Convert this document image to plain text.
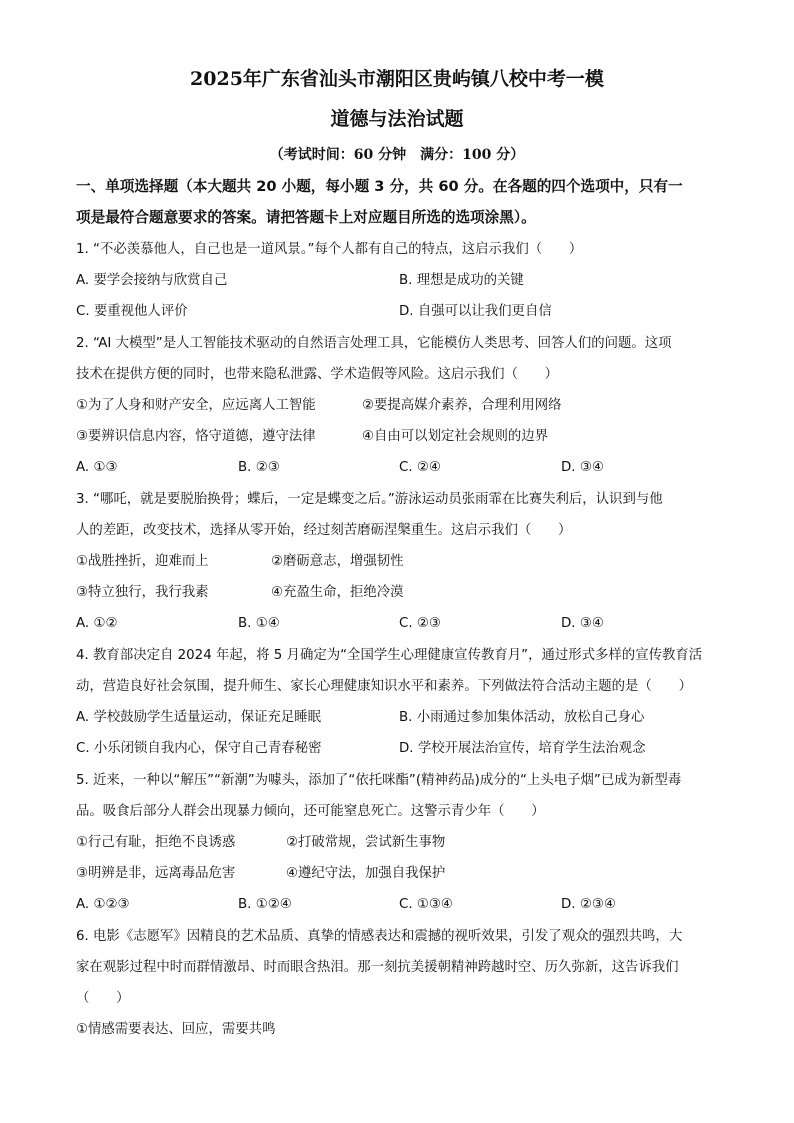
2025年广东省汕头市潮阳区贵屿镇八校中考一模
道德与法治试题
（考试时间：60 分钟　满分：100 分）
一、单项选择题（本大题共 20 小题，每小题 3 分，共 60 分。在各题的四个选项中，只有一
项是最符合题意要求的答案。请把答题卡上对应题目所选的选项涂黑）。
1. “不必羡慕他人，自己也是一道风景。”每个人都有自己的特点，这启示我们（　　）
A. 要学会接纳与欣赏自己	B. 理想是成功的关键
C. 要重视他人评价	D. 自强可以让我们更自信
2. “AI 大模型”是人工智能技术驱动的自然语言处理工具，它能模仿人类思考、回答人们的问题。这项
技术在提供方便的同时，也带来隐私泄露、学术造假等风险。这启示我们（　　）
①为了人身和财产安全，应远离人工智能	②要提高媒介素养，合理利用网络
③要辨识信息内容，恪守道德，遵守法律	④自由可以划定社会规则的边界
A. ①③	B. ②③	C. ②④	D. ③④
3. “哪吒，就是要脱胎换骨；蝶后，一定是蝶变之后。”游泳运动员张雨霏在比赛失利后，认识到与他
人的差距，改变技术，选择从零开始，经过刻苦磨砺涅槃重生。这启示我们（　　）
①战胜挫折，迎难而上	②磨砺意志，增强韧性
③特立独行，我行我素	④充盈生命，拒绝冷漠
A. ①②	B. ①④	C. ②③	D. ③④
4. 教育部决定自 2024 年起，将 5 月确定为“全国学生心理健康宣传教育月”，通过形式多样的宣传教育活
动，营造良好社会氛围，提升师生、家长心理健康知识水平和素养。下列做法符合活动主题的是（　　）
A. 学校鼓励学生适量运动，保证充足睡眠	B. 小雨通过参加集体活动，放松自己身心
C. 小乐闭锁自我内心，保守自己青春秘密	D. 学校开展法治宣传，培育学生法治观念
5. 近来，一种以“解压”“新潮”为噱头，添加了“依托咪酯”(精神药品)成分的“上头电子烟”已成为新型毒
品。吸食后部分人群会出现暴力倾向，还可能窒息死亡。这警示青少年（　　）
①行己有耻，拒绝不良诱惑	②打破常规，尝试新生事物
③明辨是非，远离毒品危害	④遵纪守法，加强自我保护
A. ①②③	B. ①②④	C. ①③④	D. ②③④
6. 电影《志愿军》因精良的艺术品质、真挚的情感表达和震撼的视听效果，引发了观众的强烈共鸣，大
家在观影过程中时而群情激昂、时而眼含热泪。那一刻抗美援朝精神跨越时空、历久弥新，这告诉我们
（　　）
①情感需要表达、回应，需要共鸣
